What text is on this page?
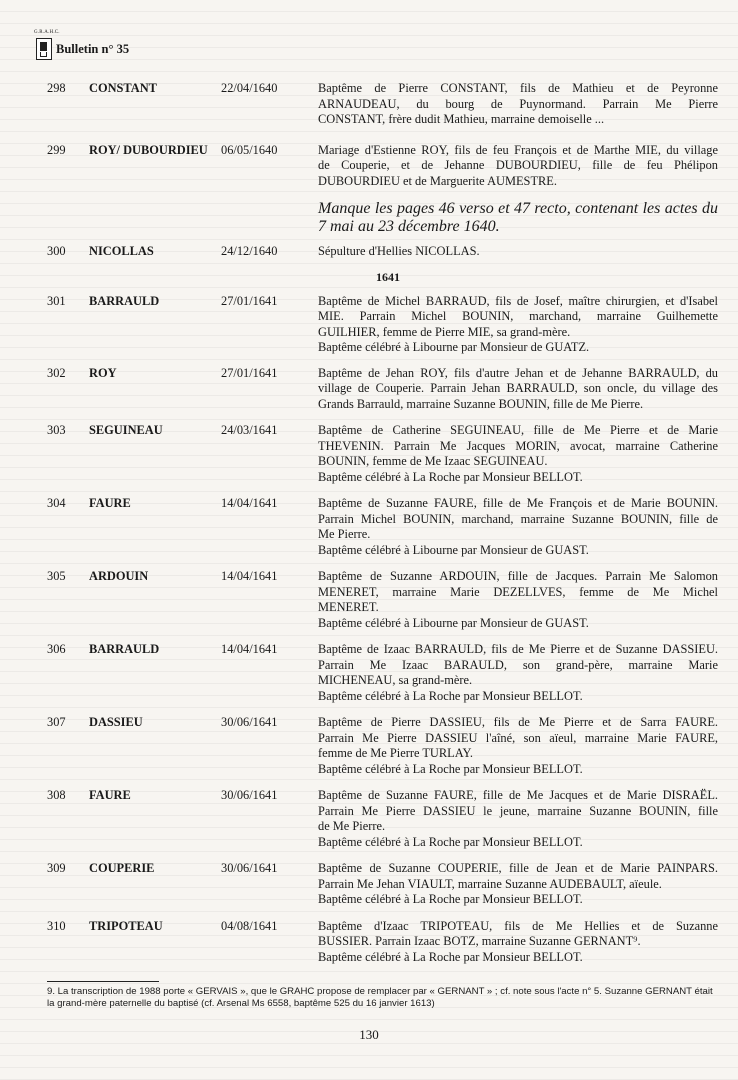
G.R.A.H.C.
Bulletin n° 35
298 CONSTANT	22/04/1640	Baptême de Pierre CONSTANT, fils de Mathieu et de Peyronne
ARNAUDEAU, du bourg de Puynormand. Parrain Me Pierre
CONSTANT, frère dudit Mathieu, marraine demoiselle ...
299 ROY/ DUBOURDIEU	06/05/1640	Mariage d'Estienne ROY, fils de feu François et de Marthe MIE, du village
de Couperie, et de Jehanne DUBOURDIEU, fille de feu Phélipon
DUBOURDIEU et de Marguerite AUMESTRE.
Manque les pages 46 verso et 47 recto, contenant les actes du 7 mai au 23 décembre 1640.
300 NICOLLAS	24/12/1640	Sépulture d'Hellies NICOLLAS.
1641
301 BARRAULD	27/01/1641	Baptême de Michel BARRAUD, fils de Josef, maître chirurgien, et d'Isabel
MIE. Parrain Michel BOUNIN, marchand, marraine Guilhemette
GUILHIER, femme de Pierre MIE, sa grand-mère.
Baptême célébré à Libourne par Monsieur de GUATZ.
302 ROY	27/01/1641	Baptême de Jehan ROY, fils d'autre Jehan et de Jehanne BARRAULD, du
village de Couperie. Parrain Jehan BARRAULD, son oncle, du village des
Grands Barrauld, marraine Suzanne BOUNIN, fille de Me Pierre.
303 SEGUINEAU	24/03/1641	Baptême de Catherine SEGUINEAU, fille de Me Pierre et de Marie
THEVENIN. Parrain Me Jacques MORIN, avocat, marraine Catherine
BOUNIN, femme de Me Izaac SEGUINEAU.
Baptême célébré à La Roche par Monsieur BELLOT.
304 FAURE	14/04/1641	Baptême de Suzanne FAURE, fille de Me François et de Marie BOUNIN.
Parrain Michel BOUNIN, marchand, marraine Suzanne BOUNIN, fille de
Me Pierre.
Baptême célébré à Libourne par Monsieur de GUAST.
305 ARDOUIN	14/04/1641	Baptême de Suzanne ARDOUIN, fille de Jacques. Parrain Me Salomon
MENERET, marraine Marie DEZELLVES, femme de Me Michel
MENERET.
Baptême célébré à Libourne par Monsieur de GUAST.
306 BARRAULD	14/04/1641	Baptême de Izaac BARRAULD, fils de Me Pierre et de Suzanne DASSIEU.
Parrain Me Izaac BARAULD, son grand-père, marraine Marie
MICHENEAU, sa grand-mère.
Baptême célébré à La Roche par Monsieur BELLOT.
307 DASSIEU	30/06/1641	Baptême de Pierre DASSIEU, fils de Me Pierre et de Sarra FAURE.
Parrain Me Pierre DASSIEU l'aîné, son aïeul, marraine Marie FAURE,
femme de Me Pierre TURLAY.
Baptême célébré à La Roche par Monsieur BELLOT.
308 FAURE	30/06/1641	Baptême de Suzanne FAURE, fille de Me Jacques et de Marie DISRAËL.
Parrain Me Pierre DASSIEU le jeune, marraine Suzanne BOUNIN, fille
de Me Pierre.
Baptême célébré à La Roche par Monsieur BELLOT.
309 COUPERIE	30/06/1641	Baptême de Suzanne COUPERIE, fille de Jean et de Marie PAINPARS.
Parrain Me Jehan VIAULT, marraine Suzanne AUDEBAULT, aïeule.
Baptême célébré à La Roche par Monsieur BELLOT.
310 TRIPOTEAU	04/08/1641	Baptême d'Izaac TRIPOTEAU, fils de Me Hellies et de Suzanne
BUSSIER. Parrain Izaac BOTZ, marraine Suzanne GERNANT⁹.
Baptême célébré à La Roche par Monsieur BELLOT.
9. La transcription de 1988 porte « GERVAIS », que le GRAHC propose de remplacer par « GERNANT » ; cf. note sous l'acte n° 5. Suzanne GERNANT était la grand-mère paternelle du baptisé (cf. Arsenal Ms 6558, baptême 525 du 16 janvier 1613)
130
